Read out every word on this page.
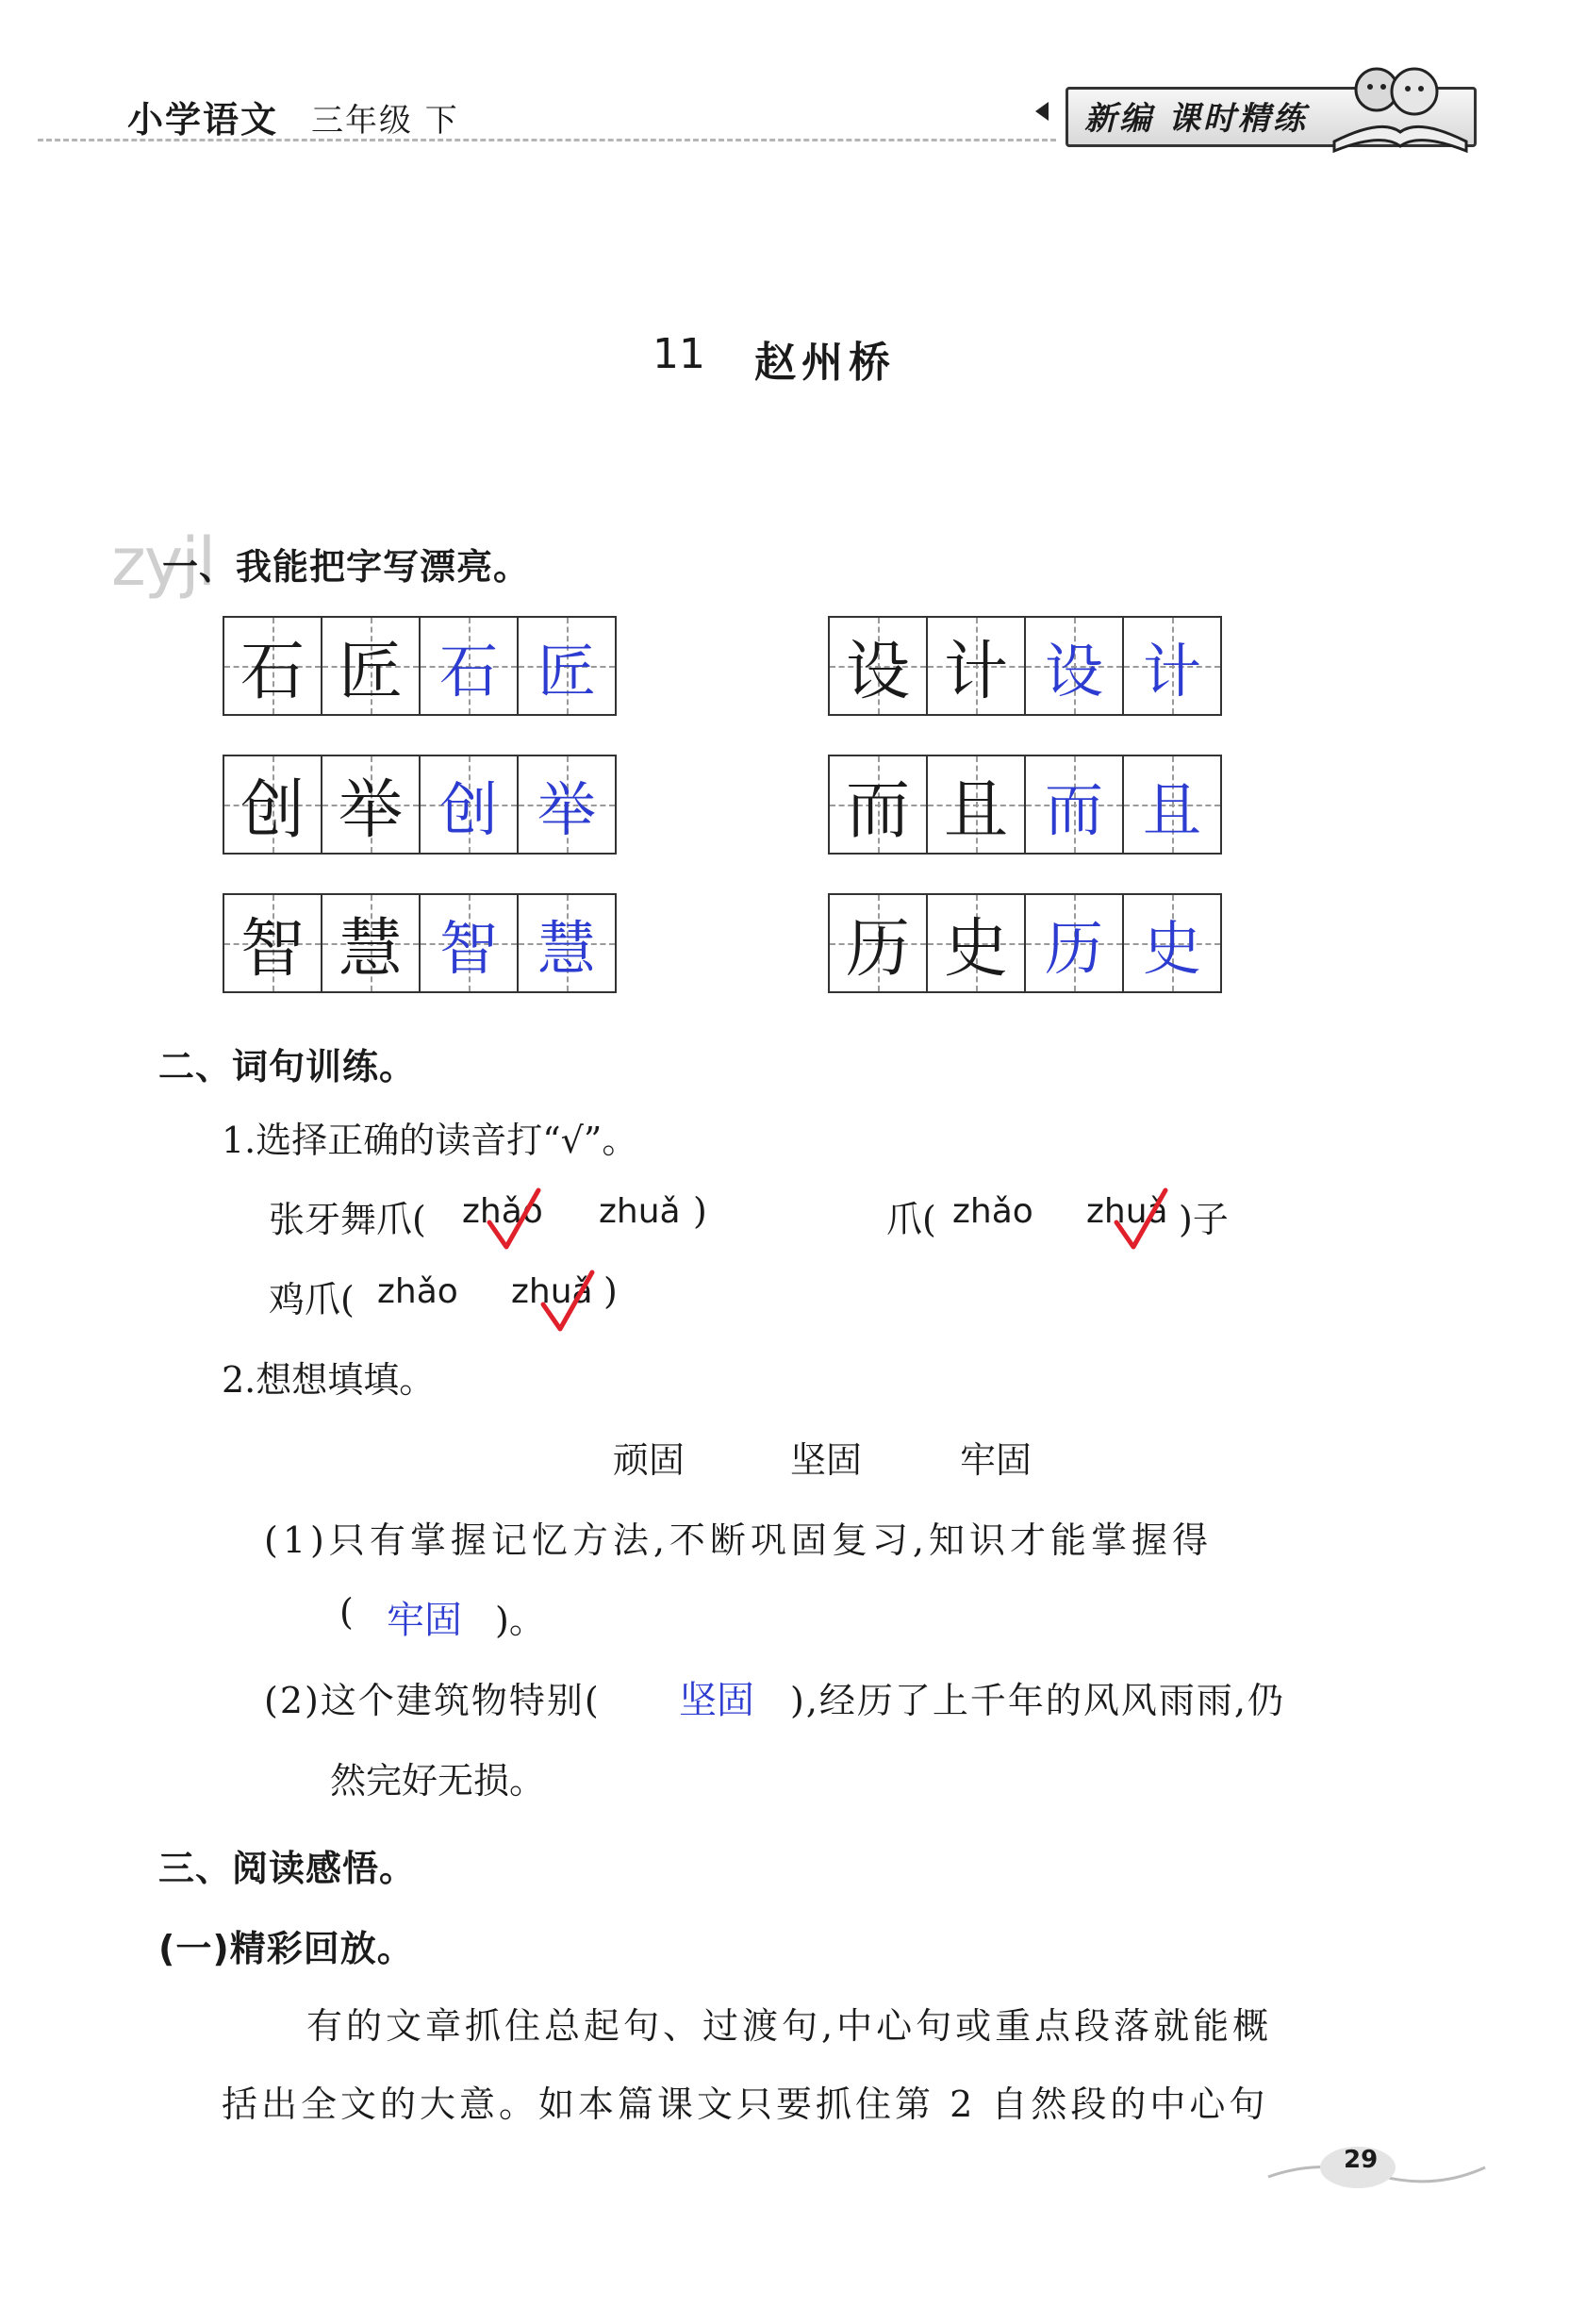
小学语文 三年级 下	新编 课时精练
11 赵州桥
zyjl
一、我能把字写漂亮。
石 匠 石 匠	设 计 设 计
创 举 创 举	而 且 而 且
智 慧 智 慧	历 史 历 史
二、词句训练。
1.选择正确的读音打“√”。
张牙舞爪( zhǎo zhuǎ )	爪( zhǎo zhuǎ )子
鸡爪( zhǎo zhuǎ )
2.想想填填。
顽固	坚固	牢固
(1)只有掌握记忆方法,不断巩固复习,知识才能掌握得
( 牢固 )。
(2)这个建筑物特别( 坚固 ),经历了上千年的风风雨雨,仍
然完好无损。
三、阅读感悟。
(一)精彩回放。
有的文章抓住总起句、过渡句,中心句或重点段落就能概
括出全文的大意。如本篇课文只要抓住第 2 自然段的中心句
29
